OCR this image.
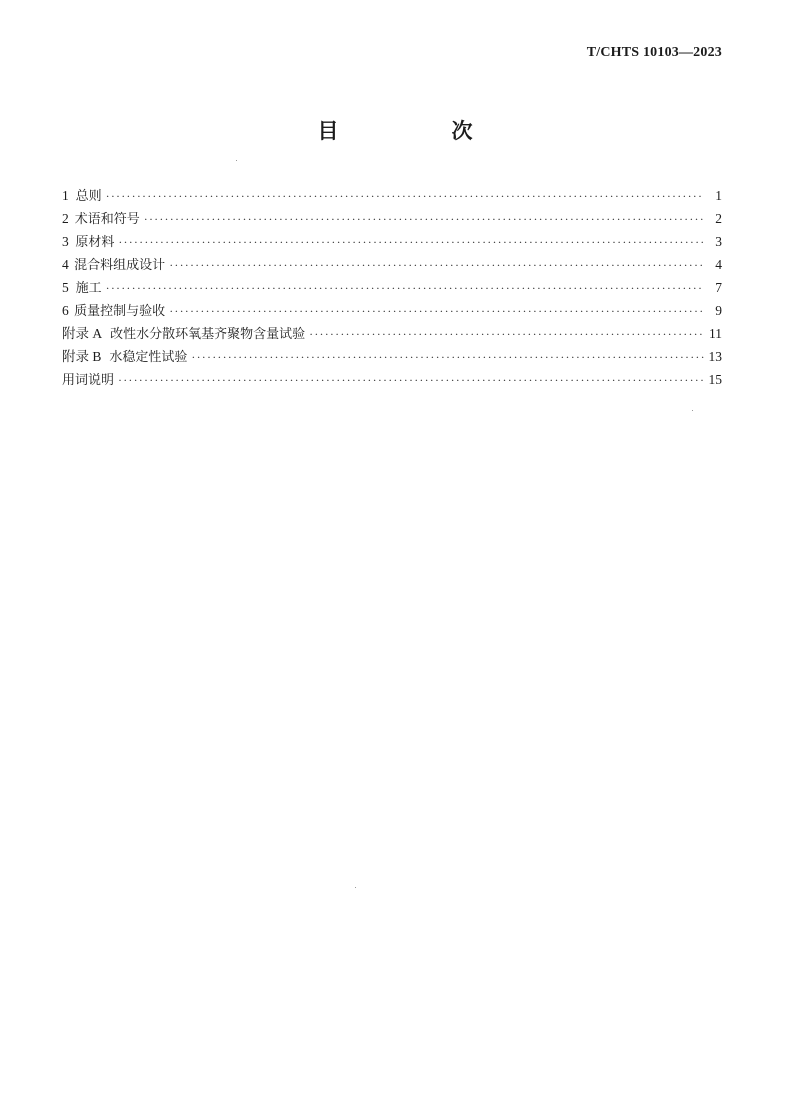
T/CHTS 10103—2023
目　次
1 总则 ·····	1
2 术语和符号 ·····	2
3 原材料 ·····	3
4 混合料组成设计 ·····	4
5 施工 ·····	7
6 质量控制与验收 ·····	9
附录 A 改性水分散环氧基齐聚物含量试验 ·····	11
附录 B 水稳定性试验 ·····	13
用词说明 ·····	15
